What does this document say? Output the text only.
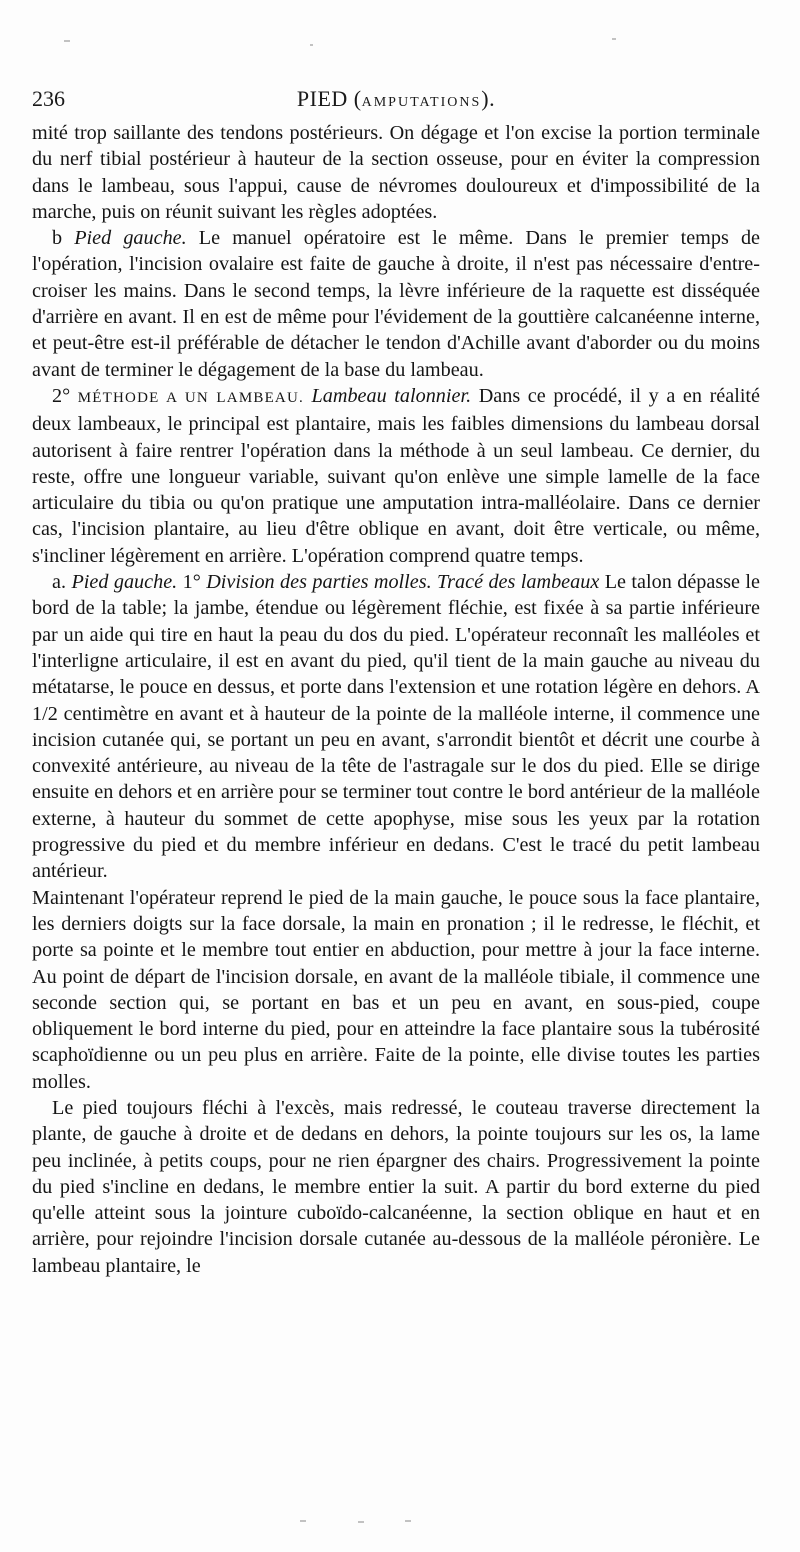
236	PIED (AMPUTATIONS).

mité trop saillante des tendons postérieurs. On dégage et l'on excise la portion terminale du nerf tibial postérieur à hauteur de la section osseuse, pour en éviter la compression dans le lambeau, sous l'appui, cause de névromes douloureux et d'impossibilité de la marche, puis on réunit suivant les règles adoptées.

b Pied gauche. Le manuel opératoire est le même. Dans le premier temps de l'opération, l'incision ovalaire est faite de gauche à droite, il n'est pas nécessaire d'entre-croiser les mains. Dans le second temps, la lèvre inférieure de la raquette est disséquée d'arrière en avant. Il en est de même pour l'évidement de la gouttière calcanéenne interne, et peut-être est-il préférable de détacher le tendon d'Achille avant d'aborder ou du moins avant de terminer le dégagement de la base du lambeau.

2° MÉTHODE A UN LAMBEAU. Lambeau talonnier. Dans ce procédé, il y a en réalité deux lambeaux, le principal est plantaire, mais les faibles dimensions du lambeau dorsal autorisent à faire rentrer l'opération dans la méthode à un seul lambeau. Ce dernier, du reste, offre une longueur variable, suivant qu'on enlève une simple lamelle de la face articulaire du tibia ou qu'on pratique une amputation intra-malléolaire. Dans ce dernier cas, l'incision plantaire, au lieu d'être oblique en avant, doit être verticale, ou même, s'incliner légèrement en arrière. L'opération comprend quatre temps.

a. Pied gauche. 1° Division des parties molles. Tracé des lambeaux Le talon dépasse le bord de la table; la jambe, étendue ou légèrement fléchie, est fixée à sa partie inférieure par un aide qui tire en haut la peau du dos du pied. L'opérateur reconnaît les malléoles et l'interligne articulaire, il est en avant du pied, qu'il tient de la main gauche au niveau du métatarse, le pouce en dessus, et porte dans l'extension et une rotation légère en dehors. A 1/2 centimètre en avant et à hauteur de la pointe de la malléole interne, il commence une incision cutanée qui, se portant un peu en avant, s'arrondit bientôt et décrit une courbe à convexité antérieure, au niveau de la tête de l'astragale sur le dos du pied. Elle se dirige ensuite en dehors et en arrière pour se terminer tout contre le bord antérieur de la malléole externe, à hauteur du sommet de cette apophyse, mise sous les yeux par la rotation progressive du pied et du membre inférieur en dedans. C'est le tracé du petit lambeau antérieur.

Maintenant l'opérateur reprend le pied de la main gauche, le pouce sous la face plantaire, les derniers doigts sur la face dorsale, la main en pronation ; il le redresse, le fléchit, et porte sa pointe et le membre tout entier en abduction, pour mettre à jour la face interne. Au point de départ de l'incision dorsale, en avant de la malléole tibiale, il commence une seconde section qui, se portant en bas et un peu en avant, en sous-pied, coupe obliquement le bord interne du pied, pour en atteindre la face plantaire sous la tubérosité scaphoïdienne ou un peu plus en arrière. Faite de la pointe, elle divise toutes les parties molles.

Le pied toujours fléchi à l'excès, mais redressé, le couteau traverse directement la plante, de gauche à droite et de dedans en dehors, la pointe toujours sur les os, la lame peu inclinée, à petits coups, pour ne rien épargner des chairs. Progressivement la pointe du pied s'incline en dedans, le membre entier la suit. A partir du bord externe du pied qu'elle atteint sous la jointure cuboïdo-calcanéenne, la section oblique en haut et en arrière, pour rejoindre l'incision dorsale cutanée au-dessous de la malléole péronière. Le lambeau plantaire, le
